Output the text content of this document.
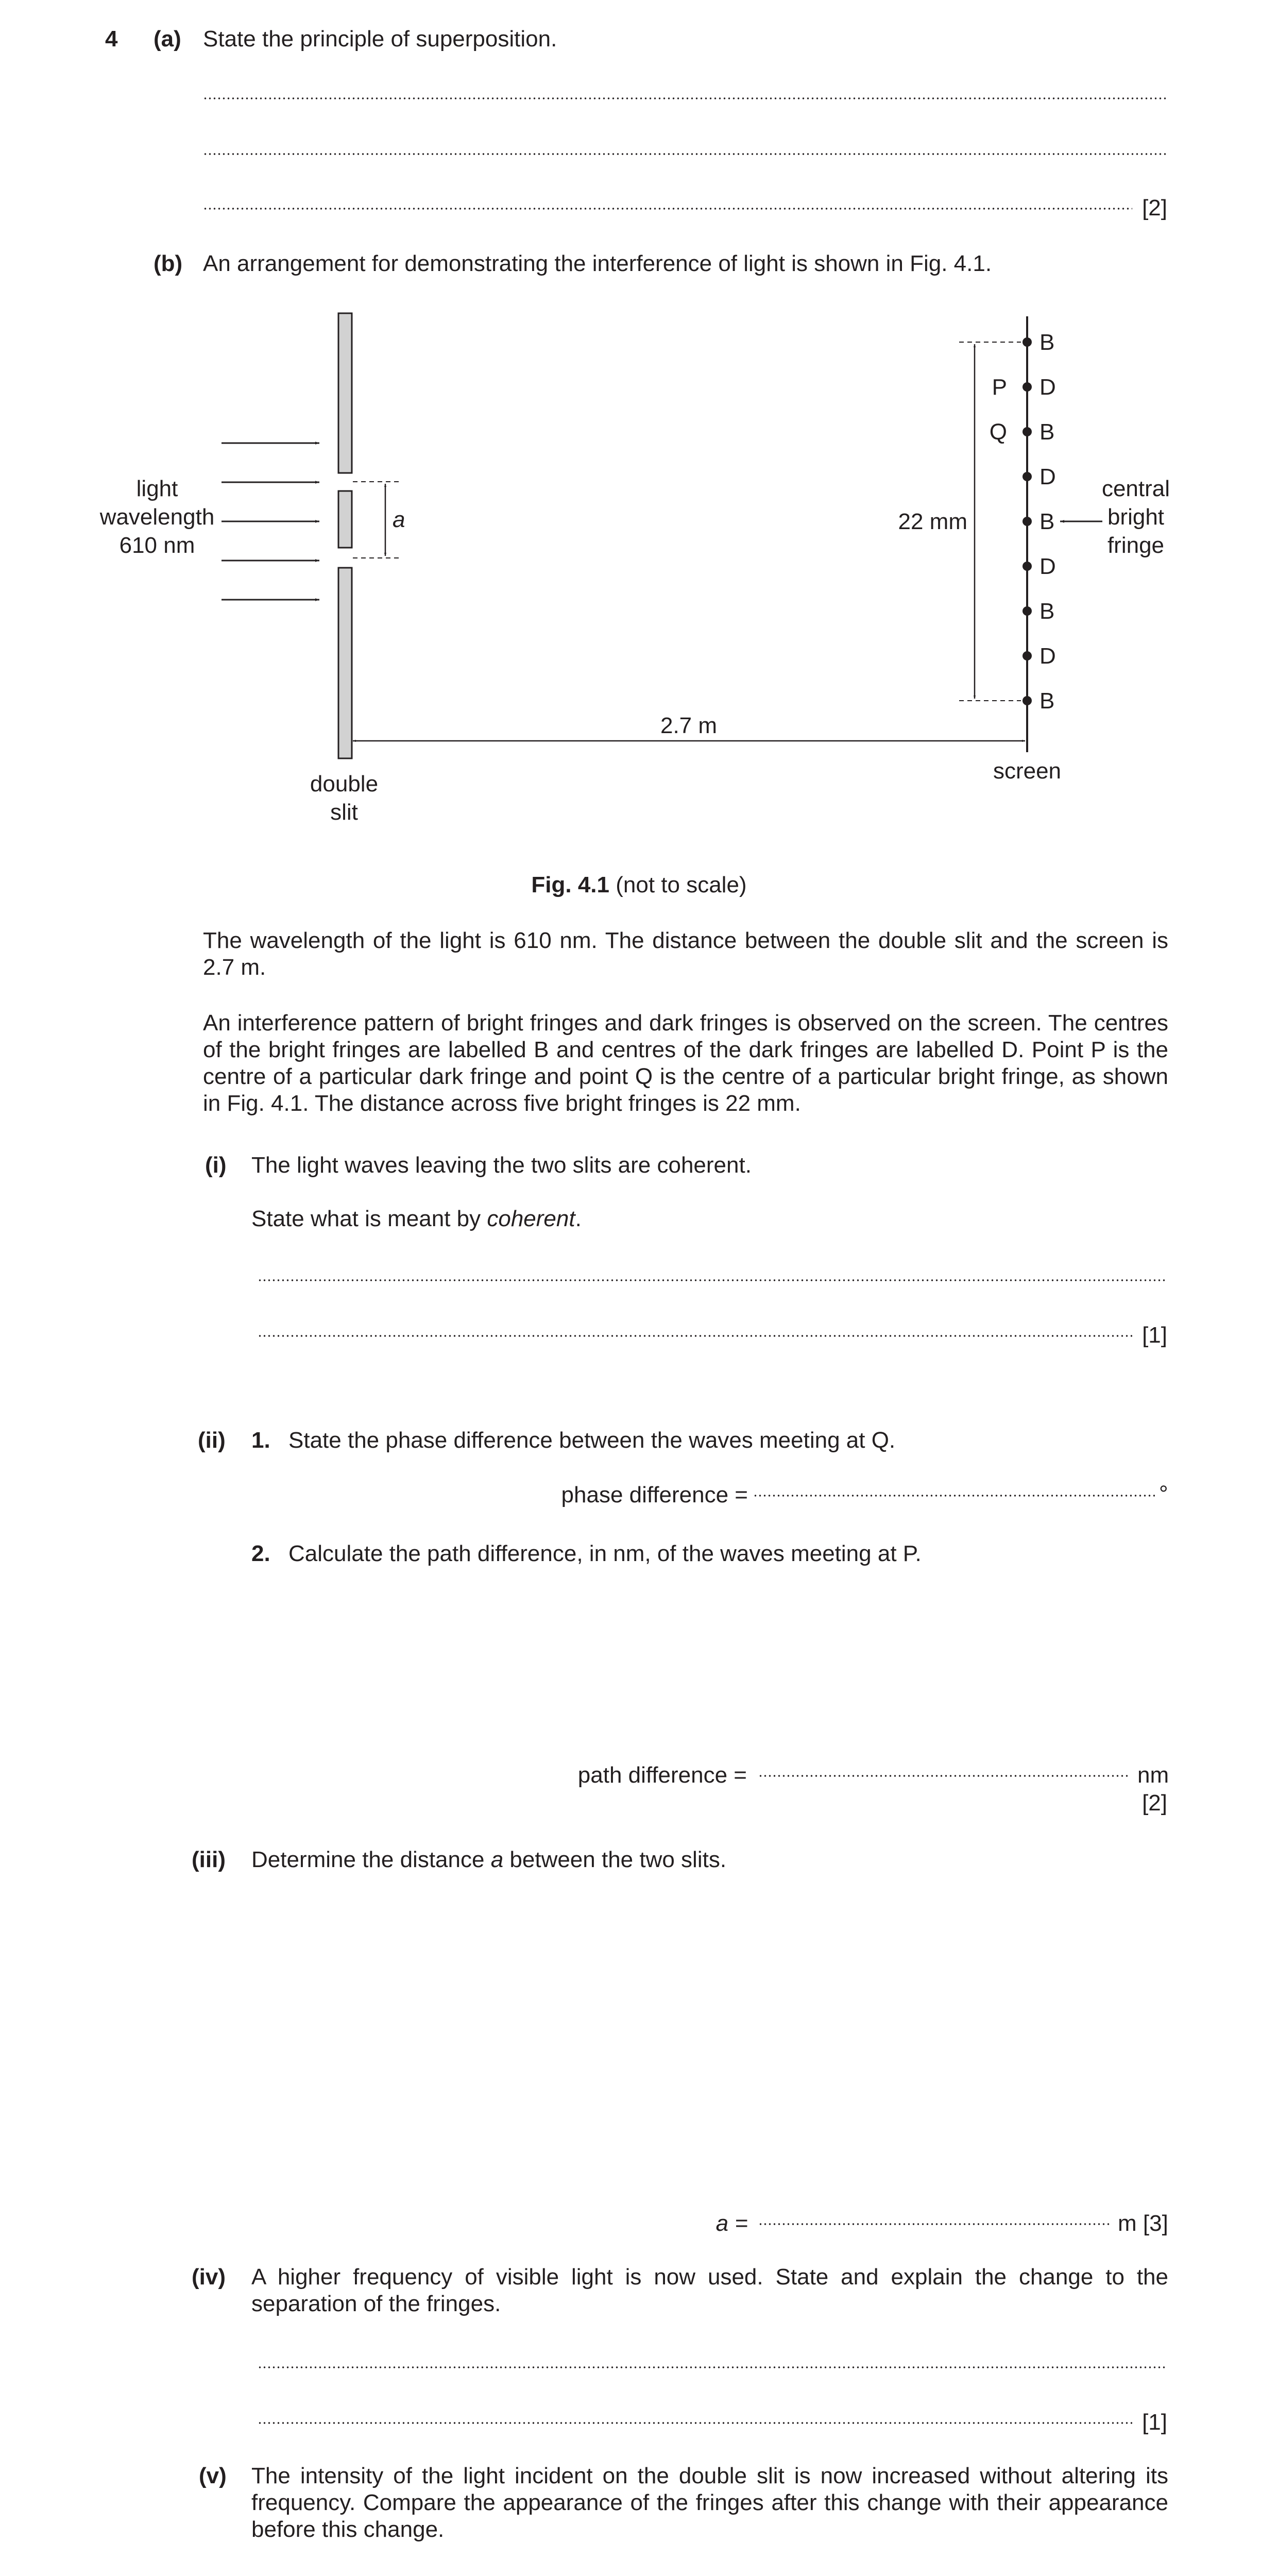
4 (a) State the principle of superposition.
[2]
(b) An arrangement for demonstrating the interference of light is shown in Fig. 4.1.
light
wavelength
610 nm
a
double
slit
2.7 m
screen
B
D
B
D
B
D
B
D
B
P
Q
22 mm
central
bright
fringe
Fig. 4.1 (not to scale)
The wavelength of the light is 610 nm. The distance between the double slit and the screen is 2.7 m.
An interference pattern of bright fringes and dark fringes is observed on the screen. The centres of the bright fringes are labelled B and centres of the dark fringes are labelled D. Point P is the centre of a particular dark fringe and point Q is the centre of a particular bright fringe, as shown in Fig. 4.1. The distance across five bright fringes is 22 mm.
(i) The light waves leaving the two slits are coherent.
State what is meant by coherent.
[1]
(ii) 1. State the phase difference between the waves meeting at Q.
phase difference =	°
2. Calculate the path difference, in nm, of the waves meeting at P.
path difference =	nm
[2]
(iii) Determine the distance a between the two slits.
a =	m [3]
(iv) A higher frequency of visible light is now used. State and explain the change to the separation of the fringes.
[1]
(v) The intensity of the light incident on the double slit is now increased without altering its frequency. Compare the appearance of the fringes after this change with their appearance before this change.
